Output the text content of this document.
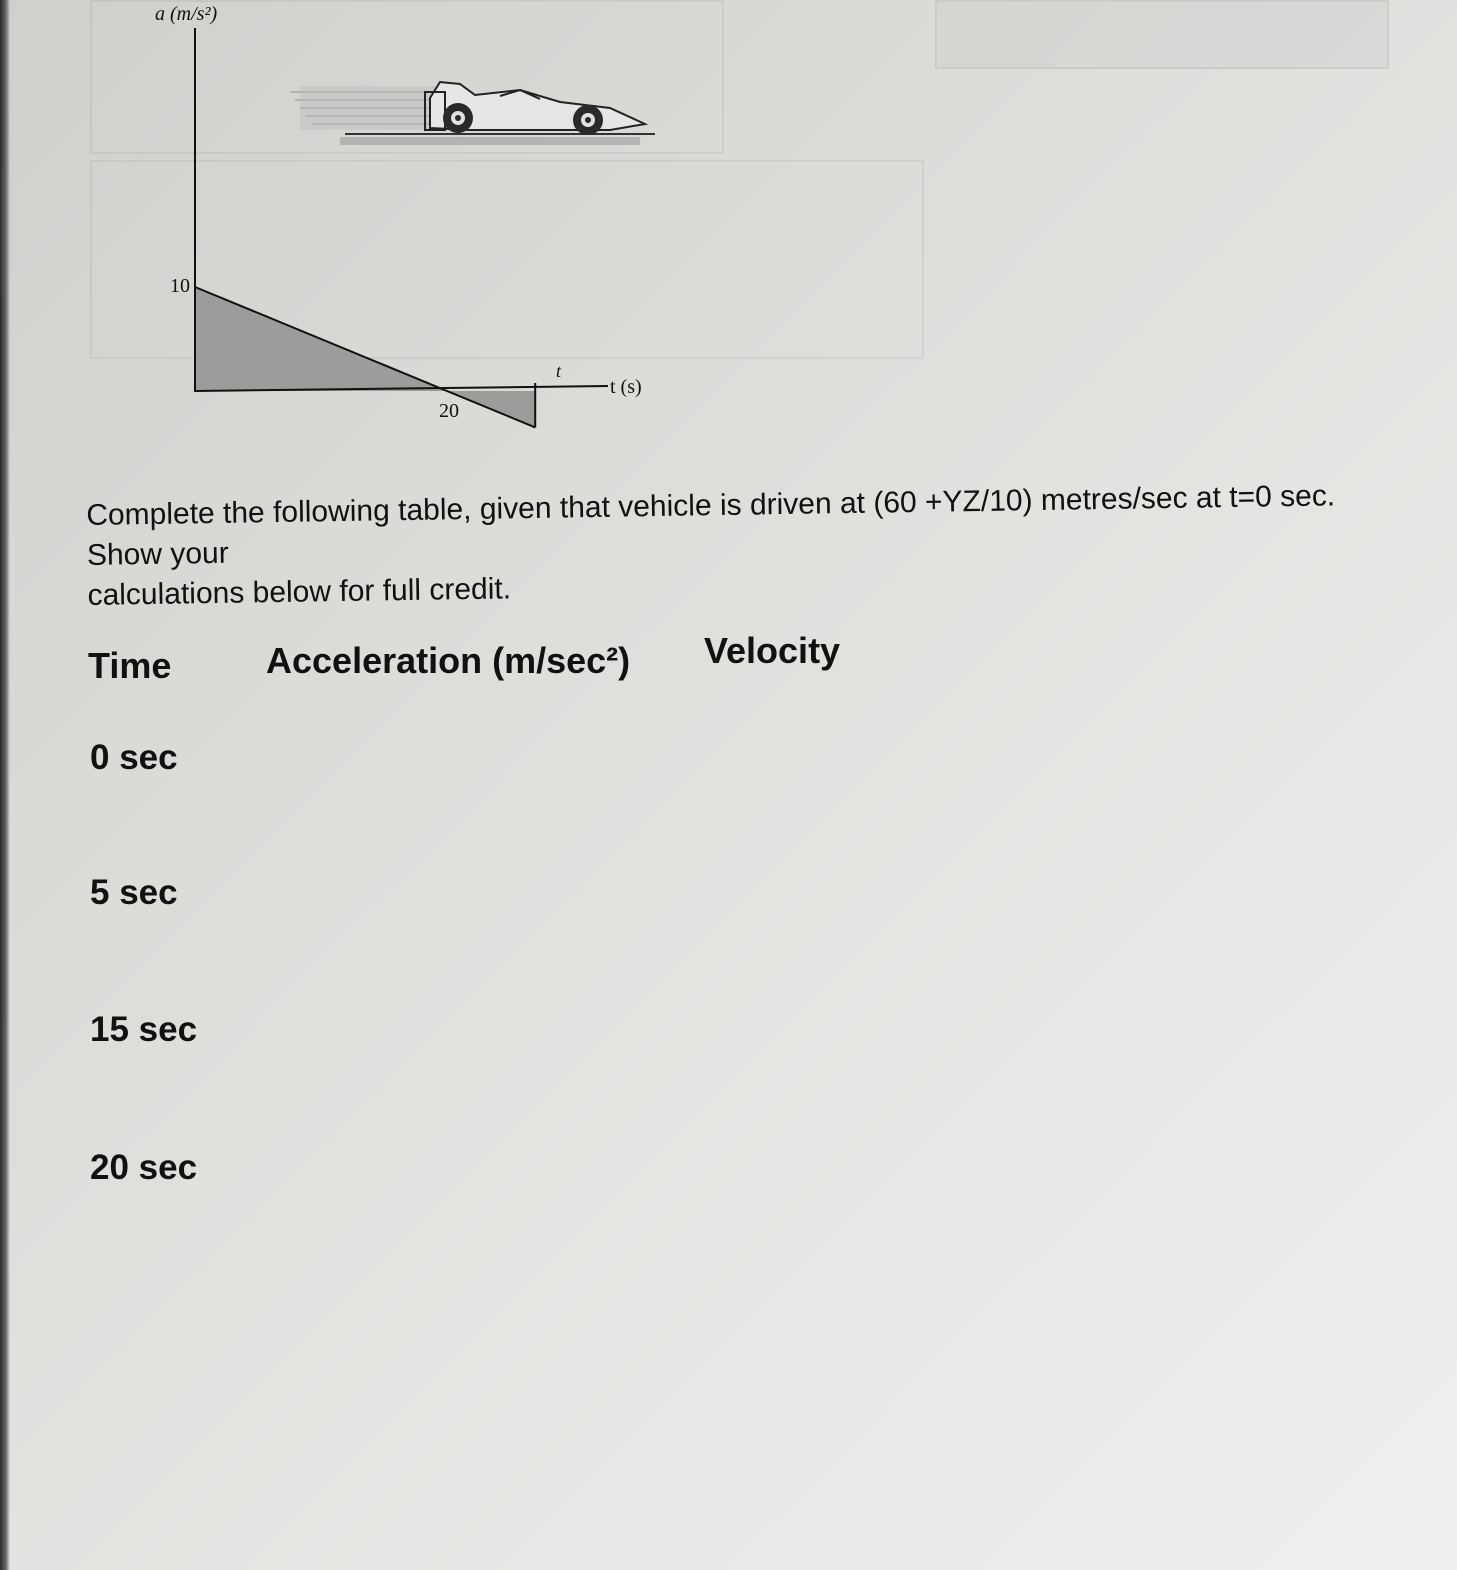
a (m/s²)
10
20
t
t (s)
Complete the following table, given that vehicle is driven at (60 +YZ/10) metres/sec at t=0 sec. Show your
calculations below for full credit.
Time	Acceleration (m/sec²) Velocity
0 sec
5 sec
15 sec
20 sec
